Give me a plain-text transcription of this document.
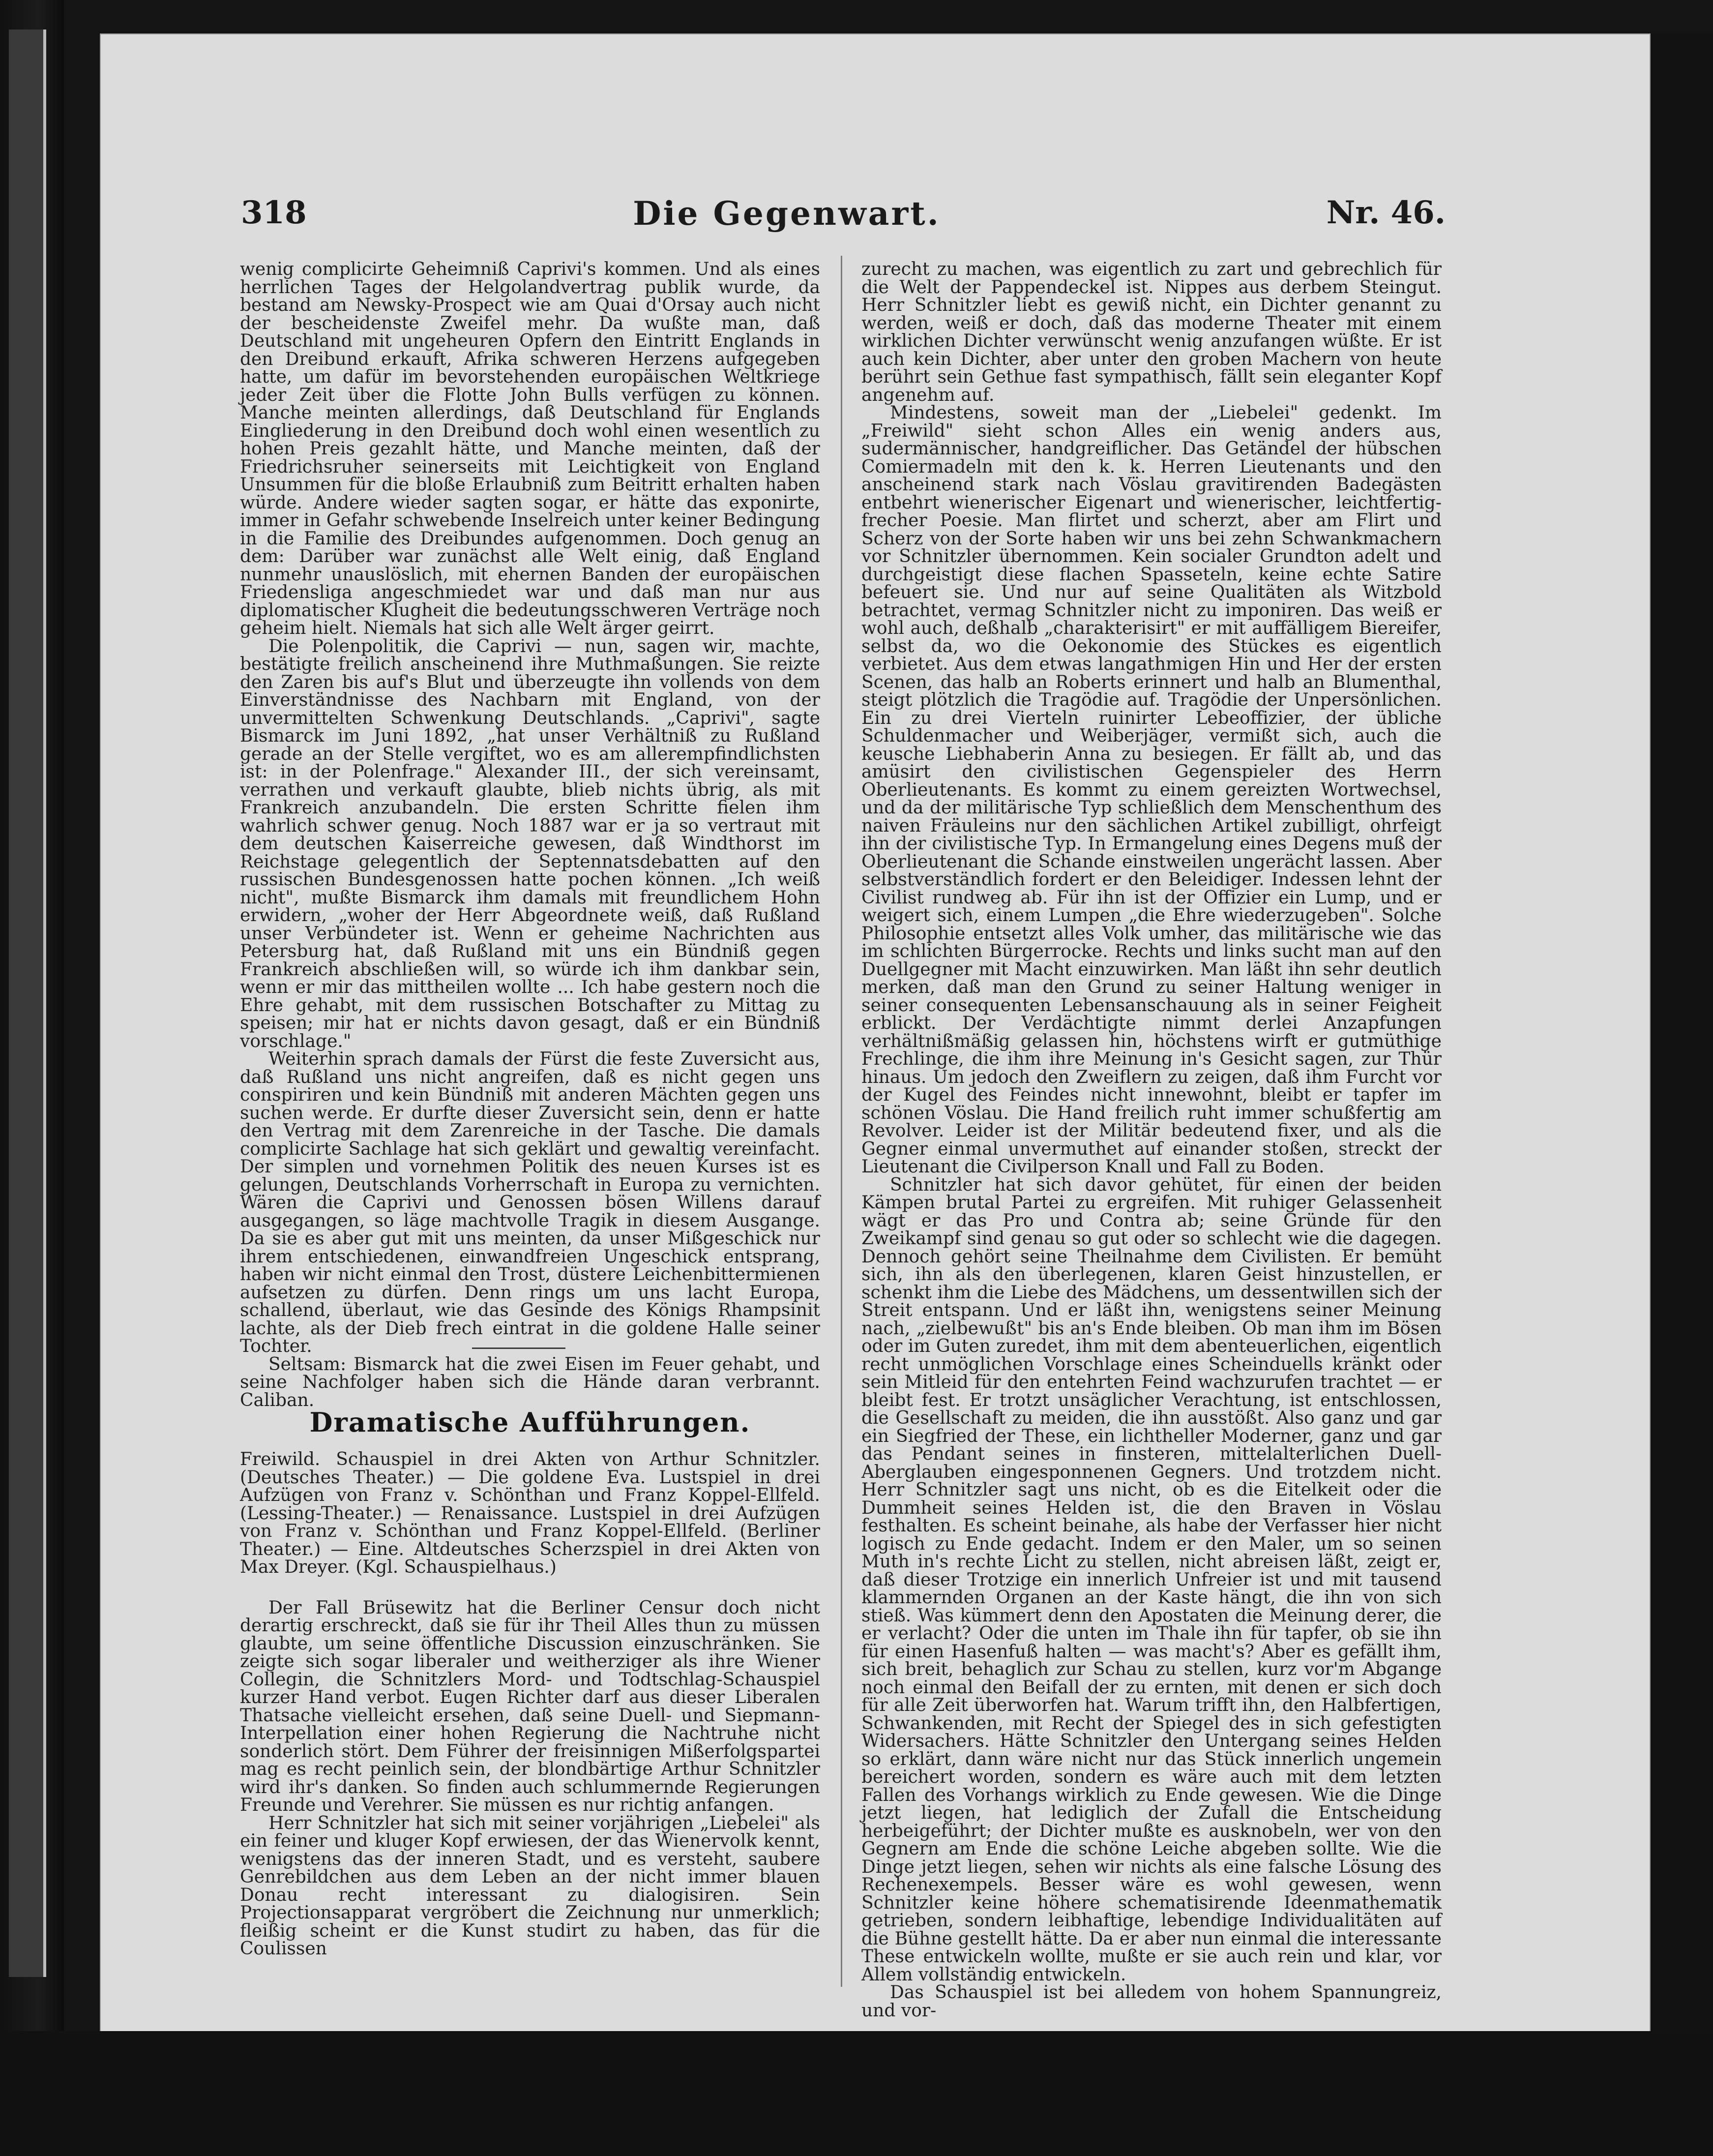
318	Die Gegenwart.	Nr. 46.

wenig complicirte Geheimniß Caprivi's kommen. Und als eines herrlichen Tages der Helgolandvertrag publik wurde, da bestand am Newsky-Prospect wie am Quai d'Orsay auch nicht der bescheidenste Zweifel mehr. Da wußte man, daß Deutschland mit ungeheuren Opfern den Eintritt Englands in den Dreibund erkauft, Afrika schweren Herzens aufgegeben hatte, um dafür im bevorstehenden europäischen Weltkriege jeder Zeit über die Flotte John Bulls verfügen zu können. Manche meinten allerdings, daß Deutschland für Englands Eingliederung in den Dreibund doch wohl einen wesentlich zu hohen Preis gezahlt hätte, und Manche meinten, daß der Friedrichsruher seinerseits mit Leichtigkeit von England Unsummen für die bloße Erlaubniß zum Beitritt erhalten haben würde. Andere wieder sagten sogar, er hätte das exponirte, immer in Gefahr schwebende Inselreich unter keiner Bedingung in die Familie des Dreibundes aufgenommen. Doch genug an dem: Darüber war zunächst alle Welt einig, daß England nunmehr unauslöslich, mit ehernen Banden der europäischen Friedensliga angeschmiedet war und daß man nur aus diplomatischer Klugheit die bedeutungsschweren Verträge noch geheim hielt. Niemals hat sich alle Welt ärger geirrt.

Die Polenpolitik, die Caprivi — nun, sagen wir, machte, bestätigte freilich anscheinend ihre Muthmaßungen. Sie reizte den Zaren bis auf's Blut und überzeugte ihn vollends von dem Einverständnisse des Nachbarn mit England, von der unvermittelten Schwenkung Deutschlands. „Caprivi", sagte Bismarck im Juni 1892, „hat unser Verhältniß zu Rußland gerade an der Stelle vergiftet, wo es am allerempfindlichsten ist: in der Polenfrage." Alexander III., der sich vereinsamt, verrathen und verkauft glaubte, blieb nichts übrig, als mit Frankreich anzubandeln. Die ersten Schritte fielen ihm wahrlich schwer genug. Noch 1887 war er ja so vertraut mit dem deutschen Kaiserreiche gewesen, daß Windthorst im Reichstage gelegentlich der Septennatsdebatten auf den russischen Bundesgenossen hatte pochen können. „Ich weiß nicht", mußte Bismarck ihm damals mit freundlichem Hohn erwidern, „woher der Herr Abgeordnete weiß, daß Rußland unser Verbündeter ist. Wenn er geheime Nachrichten aus Petersburg hat, daß Rußland mit uns ein Bündniß gegen Frankreich abschließen will, so würde ich ihm dankbar sein, wenn er mir das mittheilen wollte ... Ich habe gestern noch die Ehre gehabt, mit dem russischen Botschafter zu Mittag zu speisen; mir hat er nichts davon gesagt, daß er ein Bündniß vorschlage."

Weiterhin sprach damals der Fürst die feste Zuversicht aus, daß Rußland uns nicht angreifen, daß es nicht gegen uns conspiriren und kein Bündniß mit anderen Mächten gegen uns suchen werde. Er durfte dieser Zuversicht sein, denn er hatte den Vertrag mit dem Zarenreiche in der Tasche. Die damals complicirte Sachlage hat sich geklärt und gewaltig vereinfacht. Der simplen und vornehmen Politik des neuen Kurses ist es gelungen, Deutschlands Vorherrschaft in Europa zu vernichten. Wären die Caprivi und Genossen bösen Willens darauf ausgegangen, so läge machtvolle Tragik in diesem Ausgange. Da sie es aber gut mit uns meinten, da unser Mißgeschick nur ihrem entschiedenen, einwandfreien Ungeschick entsprang, haben wir nicht einmal den Trost, düstere Leichenbittermienen aufsetzen zu dürfen. Denn rings um uns lacht Europa, schallend, überlaut, wie das Gesinde des Königs Rhampsinit lachte, als der Dieb frech eintrat in die goldene Halle seiner Tochter.

Seltsam: Bismarck hat die zwei Eisen im Feuer gehabt, und seine Nachfolger haben sich die Hände daran verbrannt. Caliban.

Dramatische Aufführungen.

Freiwild. Schauspiel in drei Akten von Arthur Schnitzler. (Deutsches Theater.) — Die goldene Eva. Lustspiel in drei Aufzügen von Franz v. Schönthan und Franz Koppel-Ellfeld. (Lessing-Theater.) — Renaissance. Lustspiel in drei Aufzügen von Franz v. Schönthan und Franz Koppel-Ellfeld. (Berliner Theater.) — Eine. Altdeutsches Scherzspiel in drei Akten von Max Dreyer. (Kgl. Schauspielhaus.)

Der Fall Brüsewitz hat die Berliner Censur doch nicht derartig erschreckt, daß sie für ihr Theil Alles thun zu müssen glaubte, um seine öffentliche Discussion einzuschränken. Sie zeigte sich sogar liberaler und weitherziger als ihre Wiener Collegin, die Schnitzlers Mord- und Todtschlag-Schauspiel kurzer Hand verbot. Eugen Richter darf aus dieser Liberalen Thatsache vielleicht ersehen, daß seine Duell- und Siepmann-Interpellation einer hohen Regierung die Nachtruhe nicht sonderlich stört. Dem Führer der freisinnigen Mißerfolgspartei mag es recht peinlich sein, der blondbärtige Arthur Schnitzler wird ihr's danken. So finden auch schlummernde Regierungen Freunde und Verehrer. Sie müssen es nur richtig anfangen.

Herr Schnitzler hat sich mit seiner vorjährigen „Liebelei" als ein feiner und kluger Kopf erwiesen, der das Wienervolk kennt, wenigstens das der inneren Stadt, und es versteht, saubere Genrebildchen aus dem Leben an der nicht immer blauen Donau recht interessant zu dialogisiren. Sein Projectionsapparat vergröbert die Zeichnung nur unmerklich; fleißig scheint er die Kunst studirt zu haben, das für die Coulissen

zurecht zu machen, was eigentlich zu zart und gebrechlich für die Welt der Pappendeckel ist. Nippes aus derbem Steingut. Herr Schnitzler liebt es gewiß nicht, ein Dichter genannt zu werden, weiß er doch, daß das moderne Theater mit einem wirklichen Dichter verwünscht wenig anzufangen wüßte. Er ist auch kein Dichter, aber unter den groben Machern von heute berührt sein Gethue fast sympathisch, fällt sein eleganter Kopf angenehm auf.

Mindestens, soweit man der „Liebelei" gedenkt. Im „Freiwild" sieht schon Alles ein wenig anders aus, sudermännischer, handgreiflicher. Das Getändel der hübschen Comiermadeln mit den k. k. Herren Lieutenants und den anscheinend stark nach Vöslau gravitirenden Badegästen entbehrt wienerischer Eigenart und wienerischer, leichtfertig-frecher Poesie. Man flirtet und scherzt, aber am Flirt und Scherz von der Sorte haben wir uns bei zehn Schwankmachern vor Schnitzler übernommen. Kein socialer Grundton adelt und durchgeistigt diese flachen Spasseteln, keine echte Satire befeuert sie. Und nur auf seine Qualitäten als Witzbold betrachtet, vermag Schnitzler nicht zu imponiren. Das weiß er wohl auch, deßhalb „charakterisirt" er mit auffälligem Biereifer, selbst da, wo die Oekonomie des Stückes es eigentlich verbietet. Aus dem etwas langathmigen Hin und Her der ersten Scenen, das halb an Roberts erinnert und halb an Blumenthal, steigt plötzlich die Tragödie auf. Tragödie der Unpersönlichen. Ein zu drei Vierteln ruinirter Lebeoffizier, der übliche Schuldenmacher und Weiberjäger, vermißt sich, auch die keusche Liebhaberin Anna zu besiegen. Er fällt ab, und das amüsirt den civilistischen Gegenspieler des Herrn Oberlieutenants. Es kommt zu einem gereizten Wortwechsel, und da der militärische Typ schließlich dem Menschenthum des naiven Fräuleins nur den sächlichen Artikel zubilligt, ohrfeigt ihn der civilistische Typ. In Ermangelung eines Degens muß der Oberlieutenant die Schande einstweilen ungerächt lassen. Aber selbstverständlich fordert er den Beleidiger. Indessen lehnt der Civilist rundweg ab. Für ihn ist der Offizier ein Lump, und er weigert sich, einem Lumpen „die Ehre wiederzugeben". Solche Philosophie entsetzt alles Volk umher, das militärische wie das im schlichten Bürgerrocke. Rechts und links sucht man auf den Duellgegner mit Macht einzuwirken. Man läßt ihn sehr deutlich merken, daß man den Grund zu seiner Haltung weniger in seiner consequenten Lebensanschauung als in seiner Feigheit erblickt. Der Verdächtigte nimmt derlei Anzapfungen verhältnißmäßig gelassen hin, höchstens wirft er gutmüthige Frechlinge, die ihm ihre Meinung in's Gesicht sagen, zur Thür hinaus. Um jedoch den Zweiflern zu zeigen, daß ihm Furcht vor der Kugel des Feindes nicht innewohnt, bleibt er tapfer im schönen Vöslau. Die Hand freilich ruht immer schußfertig am Revolver. Leider ist der Militär bedeutend fixer, und als die Gegner einmal unvermuthet auf einander stoßen, streckt der Lieutenant die Civilperson Knall und Fall zu Boden.

Schnitzler hat sich davor gehütet, für einen der beiden Kämpen brutal Partei zu ergreifen. Mit ruhiger Gelassenheit wägt er das Pro und Contra ab; seine Gründe für den Zweikampf sind genau so gut oder so schlecht wie die dagegen. Dennoch gehört seine Theilnahme dem Civilisten. Er bemüht sich, ihn als den überlegenen, klaren Geist hinzustellen, er schenkt ihm die Liebe des Mädchens, um dessentwillen sich der Streit entspann. Und er läßt ihn, wenigstens seiner Meinung nach, „zielbewußt" bis an's Ende bleiben. Ob man ihm im Bösen oder im Guten zuredet, ihm mit dem abenteuerlichen, eigentlich recht unmöglichen Vorschlage eines Scheinduells kränkt oder sein Mitleid für den entehrten Feind wachzurufen trachtet — er bleibt fest. Er trotzt unsäglicher Verachtung, ist entschlossen, die Gesellschaft zu meiden, die ihn ausstößt. Also ganz und gar ein Siegfried der These, ein lichtheller Moderner, ganz und gar das Pendant seines in finsteren, mittelalterlichen Duell-Aberglauben eingesponnenen Gegners. Und trotzdem nicht. Herr Schnitzler sagt uns nicht, ob es die Eitelkeit oder die Dummheit seines Helden ist, die den Braven in Vöslau festhalten. Es scheint beinahe, als habe der Verfasser hier nicht logisch zu Ende gedacht. Indem er den Maler, um so seinen Muth in's rechte Licht zu stellen, nicht abreisen läßt, zeigt er, daß dieser Trotzige ein innerlich Unfreier ist und mit tausend klammernden Organen an der Kaste hängt, die ihn von sich stieß. Was kümmert denn den Apostaten die Meinung derer, die er verlacht? Oder die unten im Thale ihn für tapfer, ob sie ihn für einen Hasenfuß halten — was macht's? Aber es gefällt ihm, sich breit, behaglich zur Schau zu stellen, kurz vor'm Abgange noch einmal den Beifall der zu ernten, mit denen er sich doch für alle Zeit überworfen hat. Warum trifft ihn, den Halbfertigen, Schwankenden, mit Recht der Spiegel des in sich gefestigten Widersachers. Hätte Schnitzler den Untergang seines Helden so erklärt, dann wäre nicht nur das Stück innerlich ungemein bereichert worden, sondern es wäre auch mit dem letzten Fallen des Vorhangs wirklich zu Ende gewesen. Wie die Dinge jetzt liegen, hat lediglich der Zufall die Entscheidung herbeigeführt; der Dichter mußte es ausknobeln, wer von den Gegnern am Ende die schöne Leiche abgeben sollte. Wie die Dinge jetzt liegen, sehen wir nichts als eine falsche Lösung des Rechenexempels. Besser wäre es wohl gewesen, wenn Schnitzler keine höhere schematisirende Ideenmathematik getrieben, sondern leibhaftige, lebendige Individualitäten auf die Bühne gestellt hätte. Da er aber nun einmal die interessante These entwickeln wollte, mußte er sie auch rein und klar, vor Allem vollständig entwickeln.

Das Schauspiel ist bei alledem von hohem Spannungreiz, und vor-
